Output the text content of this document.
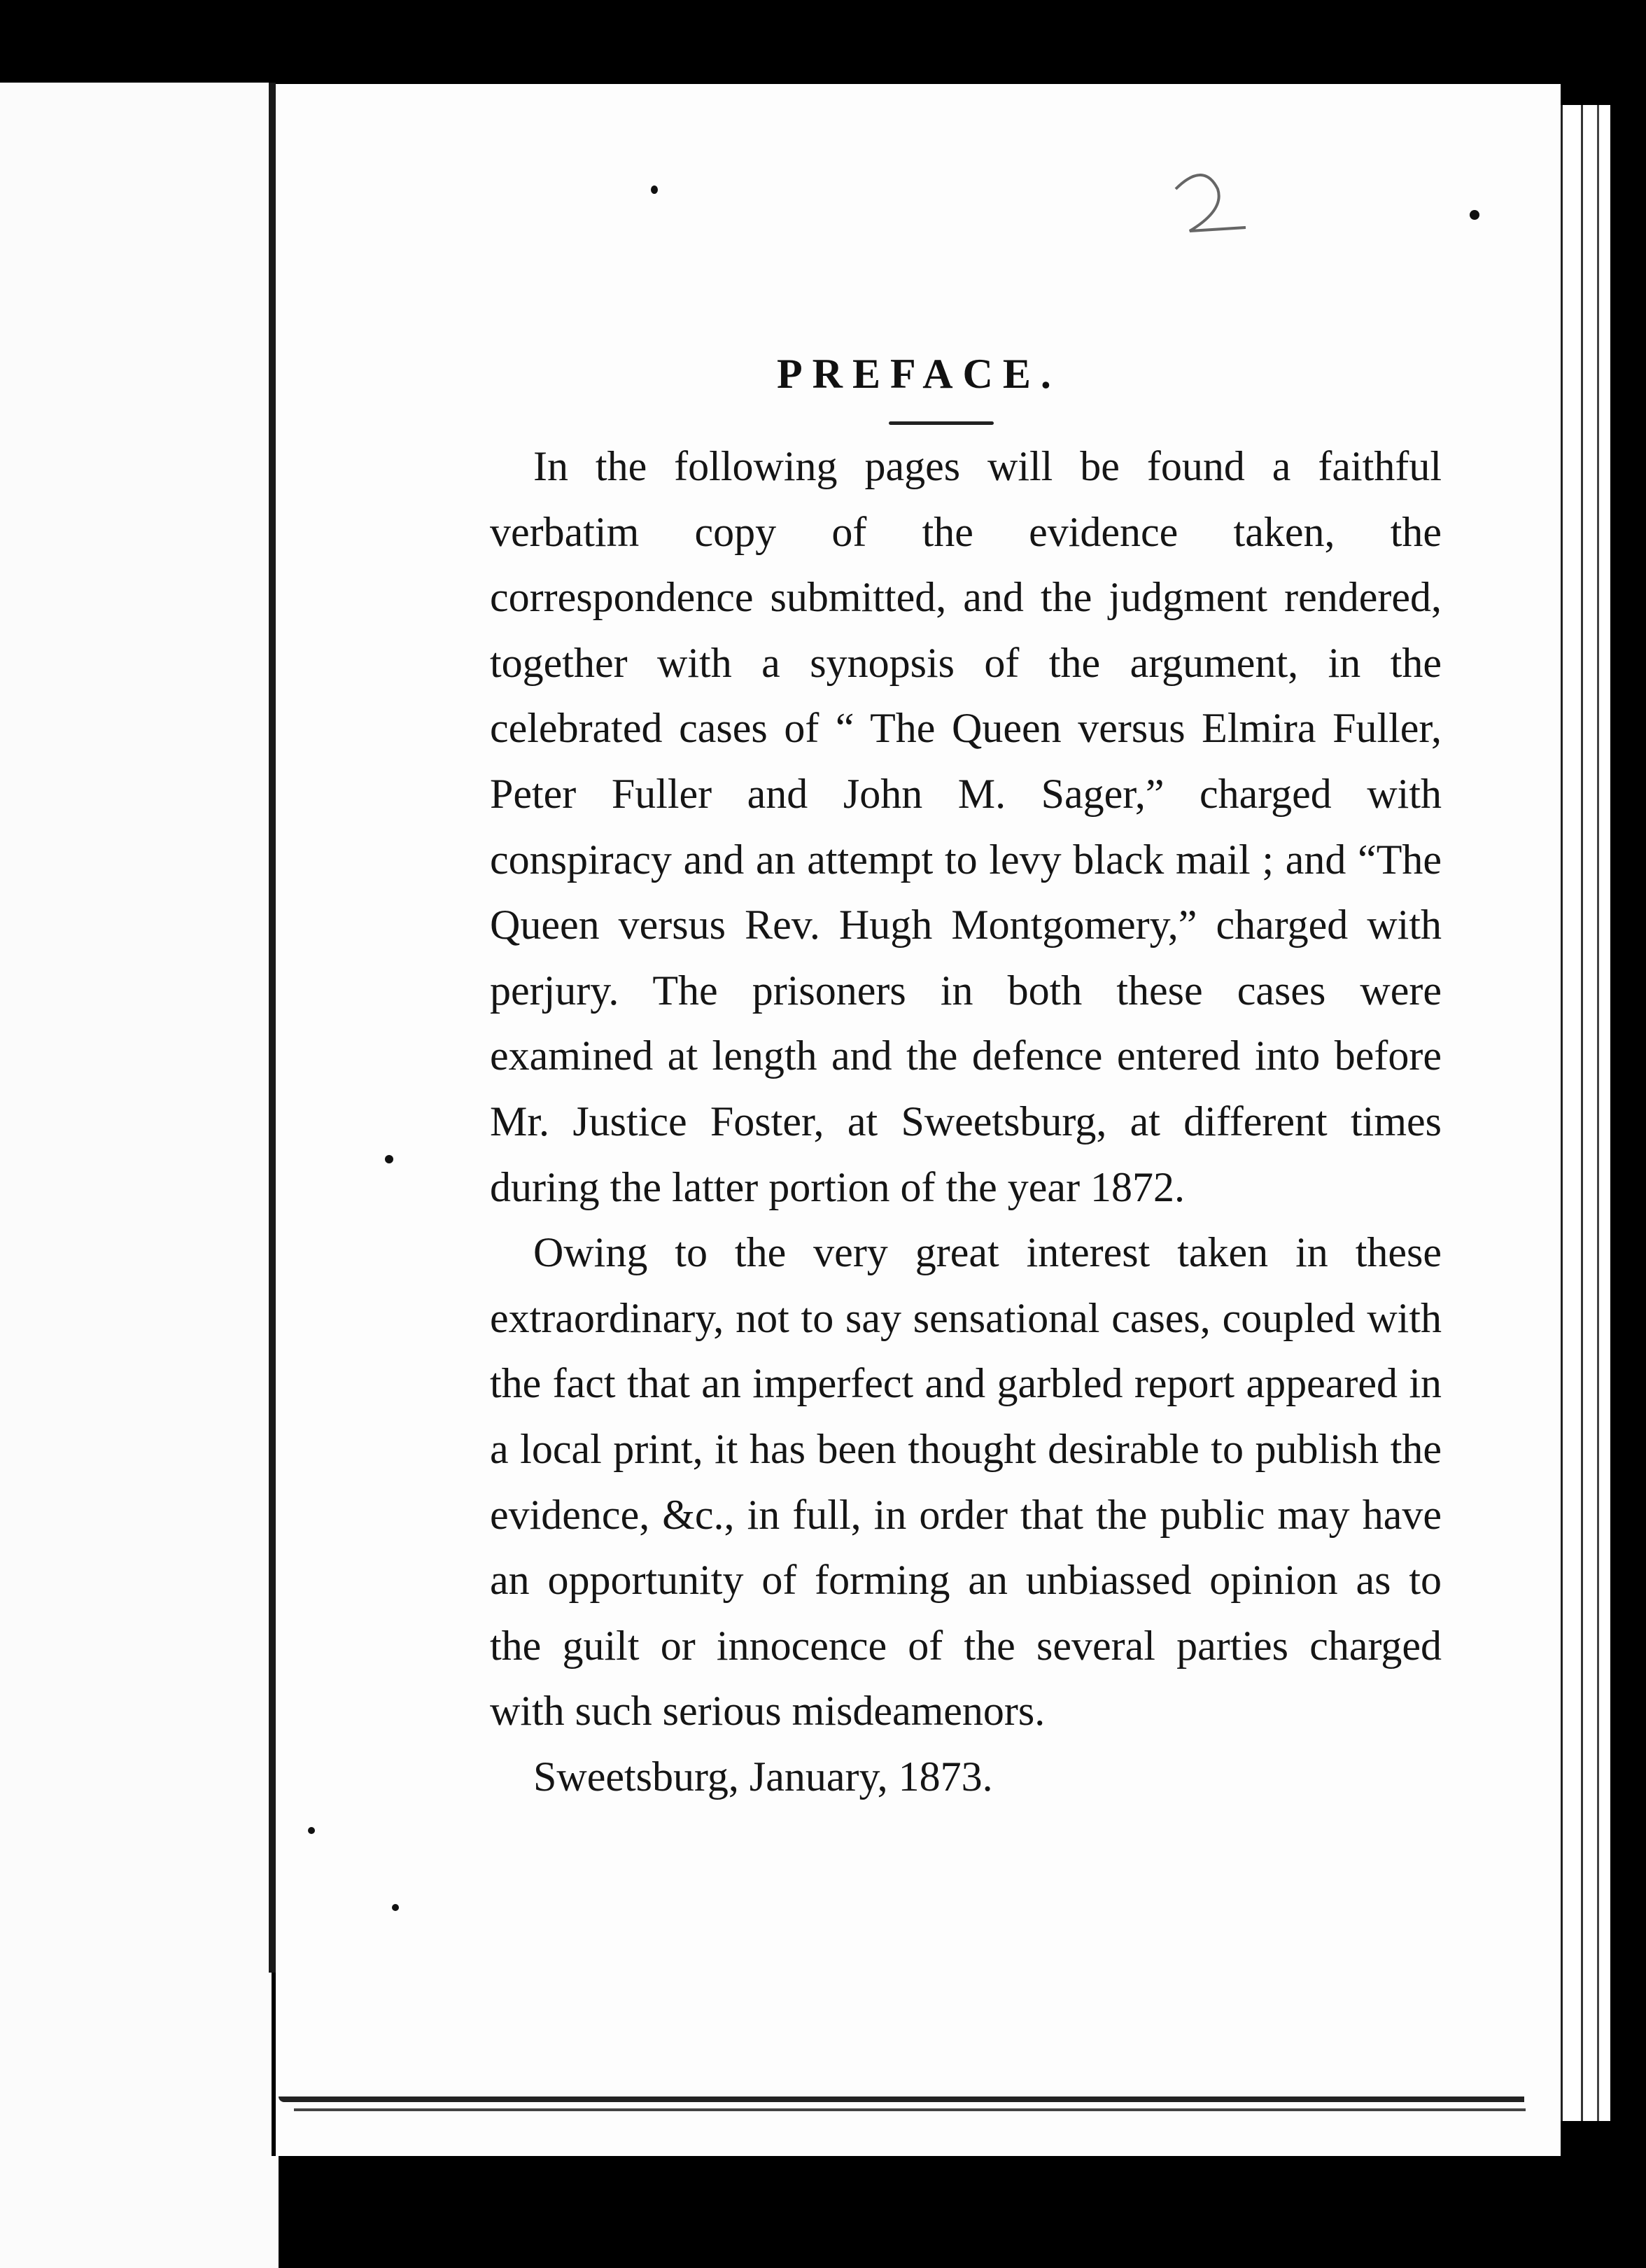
PREFACE.

In the following pages will be found a faithful verbatim copy of the evidence taken, the correspondence submitted, and the judgment rendered, together with a synopsis of the argument, in the celebrated cases of “ The Queen versus Elmira Fuller, Peter Fuller and John M. Sager,” charged with conspiracy and an attempt to levy black mail ; and “The Queen versus Rev. Hugh Montgomery,” charged with perjury. The prisoners in both these cases were examined at length and the defence entered into before Mr. Justice Foster, at Sweetsburg, at different times during the latter portion of the year 1872.

Owing to the very great interest taken in these extraordinary, not to say sensational cases, coupled with the fact that an imperfect and garbled report appeared in a local print, it has been thought desirable to publish the evidence, &c., in full, in order that the public may have an opportunity of forming an unbiassed opinion as to the guilt or innocence of the several parties charged with such serious misdeamenors.

Sweetsburg, January, 1873.
